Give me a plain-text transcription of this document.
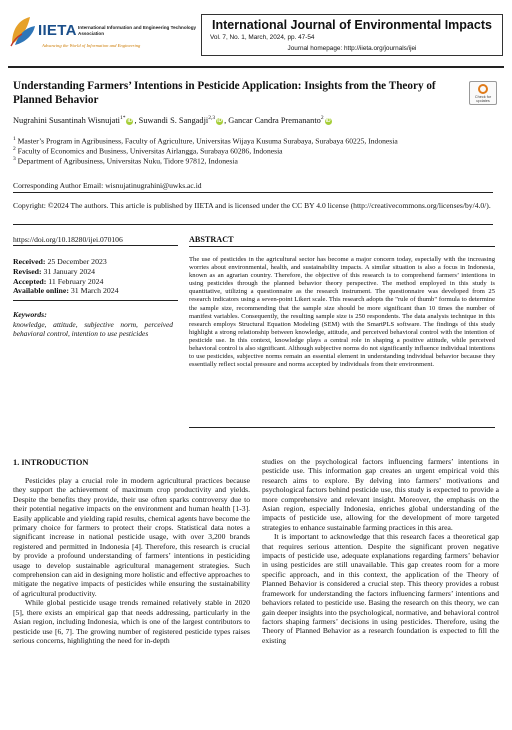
IIETA International Information and Engineering Technology Association
Advancing the World of Information and Engineering
International Journal of Environmental Impacts
Vol. 7, No. 1, March, 2024, pp. 47-54
Journal homepage: http://iieta.org/journals/ijei
Understanding Farmers’ Intentions in Pesticide Application: Insights from the Theory of Planned Behavior	Check for updates
Nugrahini Susantinah Wisnujati$^{1*}$ iD , Suwandi S. Sangadji$^{2,3}$ iD , Gancar Candra Premananto$^2$ iD
$^1$ Master’s Program in Agribusiness, Faculty of Agriculture, Universitas Wijaya Kusuma Surabaya, Surabaya 60225, Indonesia
$^2$ Faculty of Economics and Business, Universitas Airlangga, Surabaya 60286, Indonesia
$^3$ Department of Agribusiness, Universitas Nuku, Tidore 97812, Indonesia
Corresponding Author Email: wisnujatinugrahini@uwks.ac.id
Copyright: ©2024 The authors. This article is published by IIETA and is licensed under the CC BY 4.0 license (http://creativecommons.org/licenses/by/4.0/).
https://doi.org/10.18280/ijei.070106
Received: 25 December 2023
Revised: 31 January 2024
Accepted: 11 February 2024
Available online: 31 March 2024
Keywords:
knowledge, attitude, subjective norm, perceived behavioral control, intention to use pesticides
ABSTRACT
The use of pesticides in the agricultural sector has become a major concern today, especially with the increasing worries about environmental, health, and sustainability impacts. A similar situation is also a focus in Indonesia, known as an agrarian country. Therefore, the objective of this research is to comprehend farmers’ intentions in using pesticides through the planned behavior theory perspective. The method employed in this study is quantitative, utilizing a questionnaire as the research instrument. The questionnaire was developed from 25 research indicators using a seven-point Likert scale. This research adopts the "rule of thumb" formula to determine the sample size, recommending that the sample size should be more significant than 10 times the number of manifest variables. Consequently, the resulting sample size is 250 respondents. The data analysis technique in this research employs Structural Equation Modeling (SEM) with the SmartPLS software. The findings of this study highlight a strong relationship between knowledge, attitude, and perceived behavioral control with the intention of pesticide use. In this context, knowledge plays a central role in shaping a positive attitude, while perceived behavioral control is also significant. Although subjective norms do not significantly influence individual intentions to use pesticides, subjective norms remain an essential element in understanding individual behavior because they essentially reflect social pressure and norms accepted by individuals from their environment.
1. INTRODUCTION

Pesticides play a crucial role in modern agricultural practices because they support the achievement of maximum crop productivity and yields. Despite the benefits they provide, their use often sparks controversy due to their potential negative impacts on the environment and human health [1-3]. Easily applicable and yielding rapid results, chemical agents have become the primary choice for farmers to protect their crops. Statistical data notes a significant increase in national pesticide usage, with over 3,200 brands registered and permitted in Indonesia [4]. Therefore, this research is crucial by provide a profound understanding of farmers’ intentions in pesticiding usage to develop sustainable agricultural management strategies. Such comprehension can aid in designing more holistic and effective approaches to mitigate the negative impacts of pesticides while ensuring the sustainability of agricultural productivity.

While global pesticide usage trends remained relatively stable in 2020 [5], there exists an empirical gap that needs addressing, particularly in the Asian region, including Indonesia, which is one of the largest contributors to pesticide use [6, 7]. The growing number of registered pesticide types raises serious concerns, highlighting the need for in-depth

studies on the psychological factors influencing farmers’ intentions in pesticide use. This information gap creates an urgent empirical void this research aims to explore. By delving into farmers’ motivations and psychological factors behind pesticide use, this study is expected to provide a more comprehensive and relevant insight. Moreover, the emphasis on the Asian region, especially Indonesia, enriches global understanding of the impacts of pesticide use, allowing for the development of more targeted strategies to enhance sustainable farming practices in this area.

It is important to acknowledge that this research faces a theoretical gap that requires serious attention. Despite the significant proven negative impacts of pesticide use, adequate explanations regarding farmers’ behavior in using pesticides are still unavailable. This gap creates room for a more specific approach, and in this context, the application of the Theory of Planned Behavior is considered a crucial step. This theory provides a robust framework for understanding the factors influencing farmers’ intentions and behaviors related to pesticide use. Basing the research on this theory, we can gain deeper insights into the psychological, normative, and behavioral control factors shaping farmers’ decisions in using pesticides. Therefore, using the Theory of Planned Behavior as a research foundation is expected to fill the existing
